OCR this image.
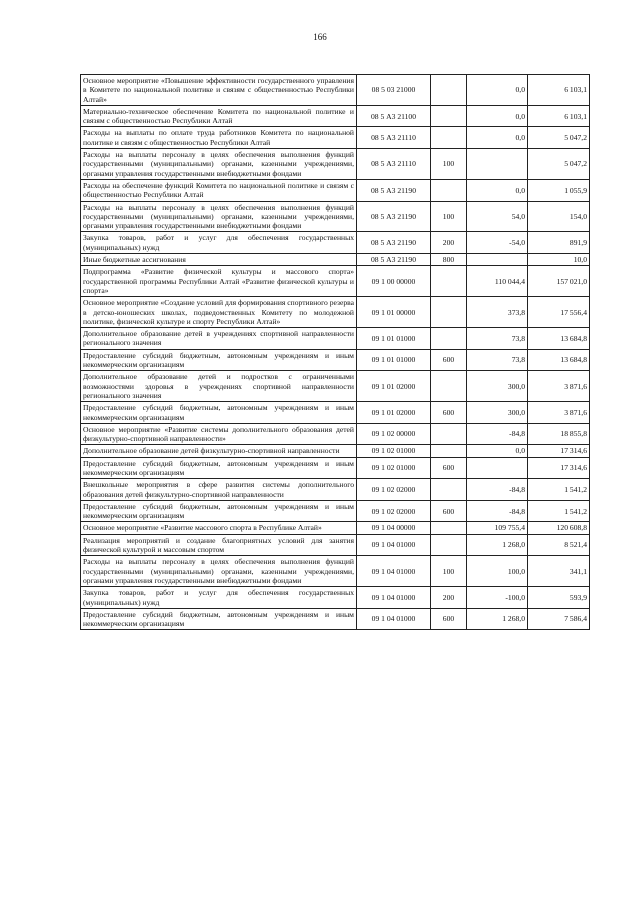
166
Основное мероприятие «Повышение эффективности государственного управления в Комитете по национальной политике и связям с общественностью Республики Алтай»	08 5 03 21000		0,0	6 103,1
Материально-техническое обеспечение Комитета по национальной политике и связям с общественностью Республики Алтай	08 5 А3 21100		0,0	6 103,1
Расходы на выплаты по оплате труда работников Комитета по национальной политике и связям с общественностью Республики Алтай	08 5 А3 21110		0,0	5 047,2
Расходы на выплаты персоналу в целях обеспечения выполнения функций государственными (муниципальными) органами, казенными учреждениями, органами управления государственными внебюджетными фондами	08 5 А3 21110	100		5 047,2
Расходы на обеспечение функций Комитета по национальной политике и связям с общественностью Республики Алтай	08 5 А3 21190		0,0	1 055,9
Расходы на выплаты персоналу в целях обеспечения выполнения функций государственными (муниципальными) органами, казенными учреждениями, органами управления государственными внебюджетными фондами	08 5 А3 21190	100	54,0	154,0
Закупка товаров, работ и услуг для обеспечения государственных (муниципальных) нужд	08 5 А3 21190	200	-54,0	891,9
Иные бюджетные ассигнования	08 5 А3 21190	800		10,0
Подпрограмма «Развитие физической культуры и массового спорта» государственной программы Республики Алтай «Развитие физической культуры и спорта»	09 1 00 00000		110 044,4	157 021,0
Основное мероприятие «Создание условий для формирования спортивного резерва в детско-юношеских школах, подведомственных Комитету по молодежной политике, физической культуре и спорту Республики Алтай»	09 1 01 00000		373,8	17 556,4
Дополнительное образование детей в учреждениях спортивной направленности регионального значения	09 1 01 01000		73,8	13 684,8
Предоставление субсидий бюджетным, автономным учреждениям и иным некоммерческим организациям	09 1 01 01000	600	73,8	13 684,8
Дополнительное образование детей и подростков с ограниченными возможностями здоровья в учреждениях спортивной направленности регионального значения	09 1 01 02000		300,0	3 871,6
Предоставление субсидий бюджетным, автономным учреждениям и иным некоммерческим организациям	09 1 01 02000	600	300,0	3 871,6
Основное мероприятие «Развитие системы дополнительного образования детей физкультурно-спортивной направленности»	09 1 02 00000		-84,8	18 855,8
Дополнительное образование детей физкультурно-спортивной направленности	09 1 02 01000		0,0	17 314,6
Предоставление субсидий бюджетным, автономным учреждениям и иным некоммерческим организациям	09 1 02 01000	600		17 314,6
Внешкольные мероприятия в сфере развития системы дополнительного образования детей физкультурно-спортивной направленности	09 1 02 02000		-84,8	1 541,2
Предоставление субсидий бюджетным, автономным учреждениям и иным некоммерческим организациям	09 1 02 02000	600	-84,8	1 541,2
Основное мероприятие «Развитие массового спорта в Республике Алтай»	09 1 04 00000		109 755,4	120 608,8
Реализация мероприятий и создание благоприятных условий для занятия физической культурой и массовым спортом	09 1 04 01000		1 268,0	8 521,4
Расходы на выплаты персоналу в целях обеспечения выполнения функций государственными (муниципальными) органами, казенными учреждениями, органами управления государственными внебюджетными фондами	09 1 04 01000	100	100,0	341,1
Закупка товаров, работ и услуг для обеспечения государственных (муниципальных) нужд	09 1 04 01000	200	-100,0	593,9
Предоставление субсидий бюджетным, автономным учреждениям и иным некоммерческим организациям	09 1 04 01000	600	1 268,0	7 586,4
